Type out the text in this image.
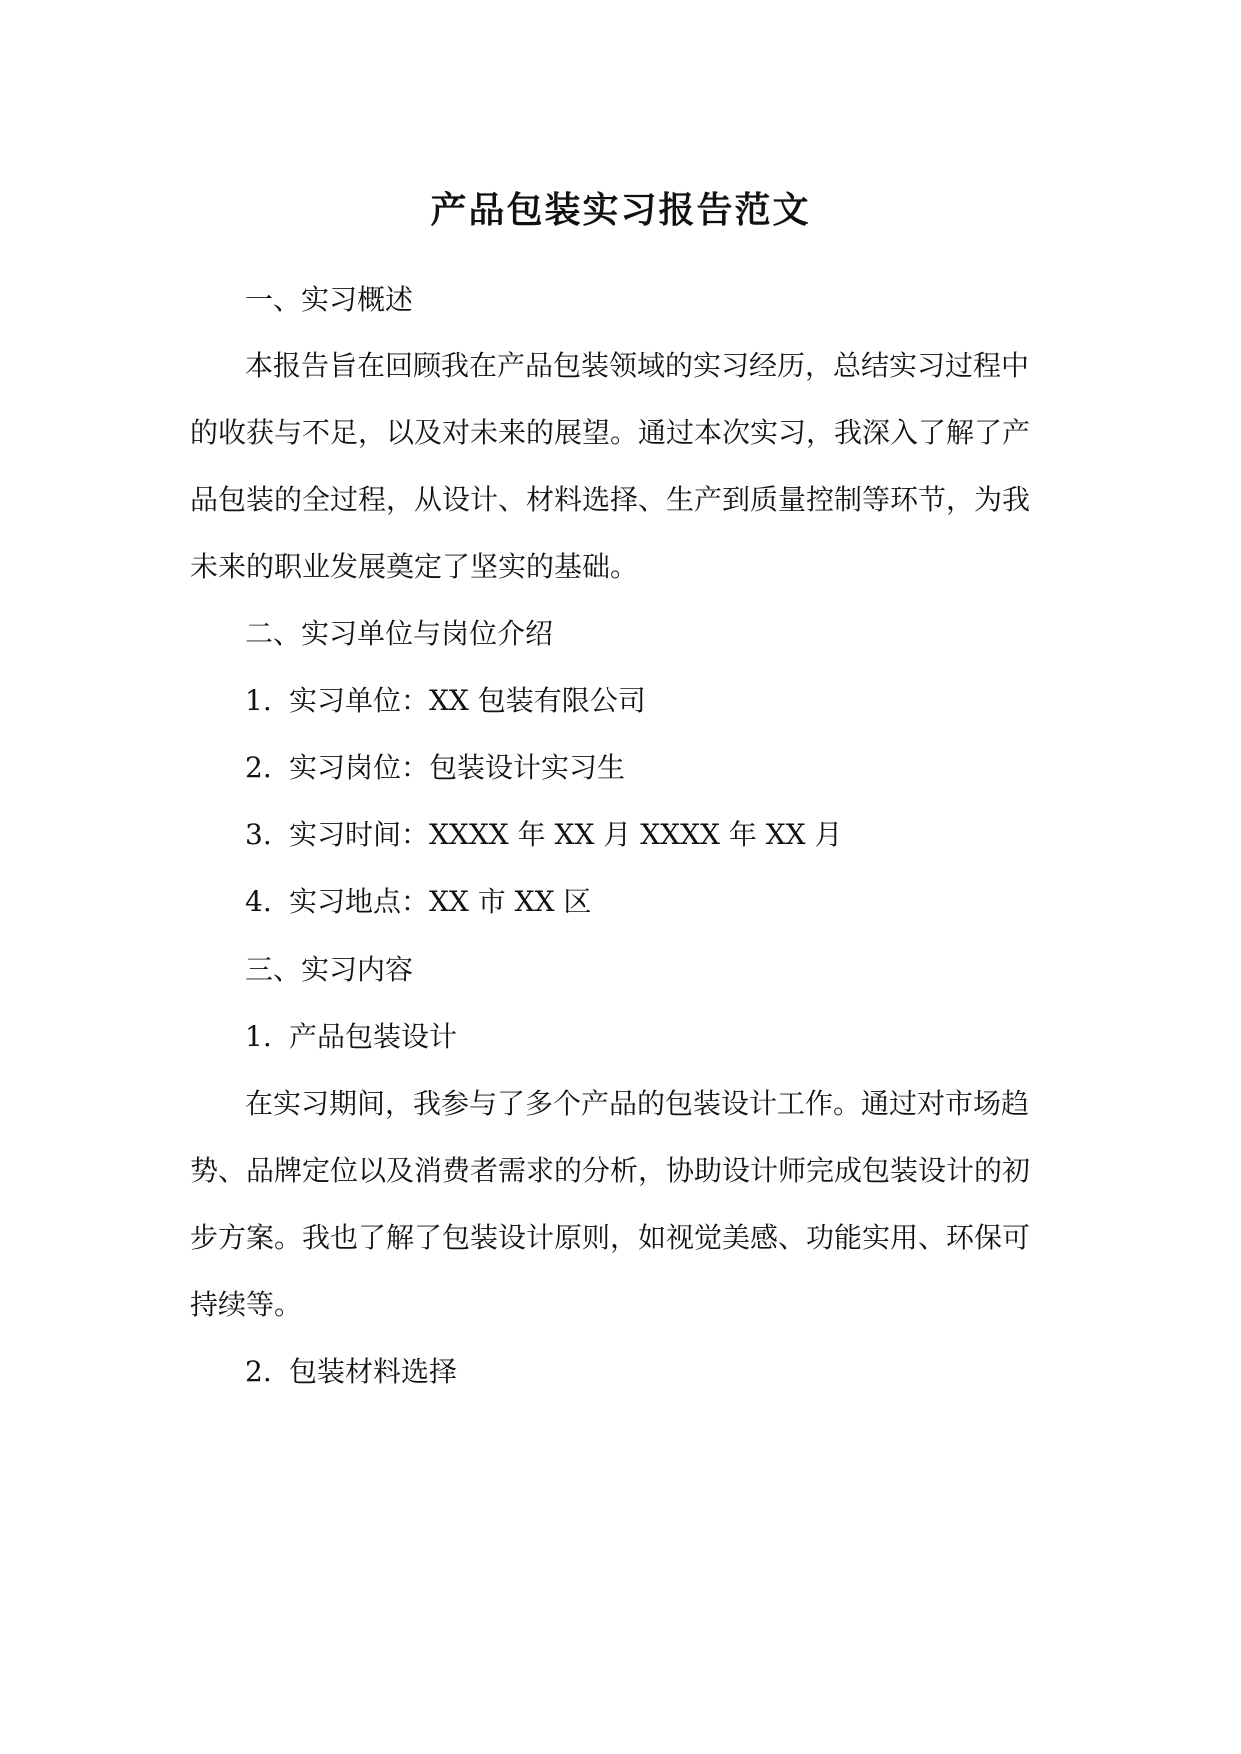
产品包装实习报告范文
一、实习概述
本报告旨在回顾我在产品包装领域的实习经历，总结实习过程中
的收获与不足，以及对未来的展望。通过本次实习，我深入了解了产
品包装的全过程，从设计、材料选择、生产到质量控制等环节，为我
未来的职业发展奠定了坚实的基础。
二、实习单位与岗位介绍
1. 实习单位：XX 包装有限公司
2. 实习岗位：包装设计实习生
3. 实习时间：XXXX 年 XX 月 XXXX 年 XX 月
4. 实习地点：XX 市 XX 区
三、实习内容
1. 产品包装设计
在实习期间，我参与了多个产品的包装设计工作。通过对市场趋
势、品牌定位以及消费者需求的分析，协助设计师完成包装设计的初
步方案。我也了解了包装设计原则，如视觉美感、功能实用、环保可
持续等。
2. 包装材料选择
